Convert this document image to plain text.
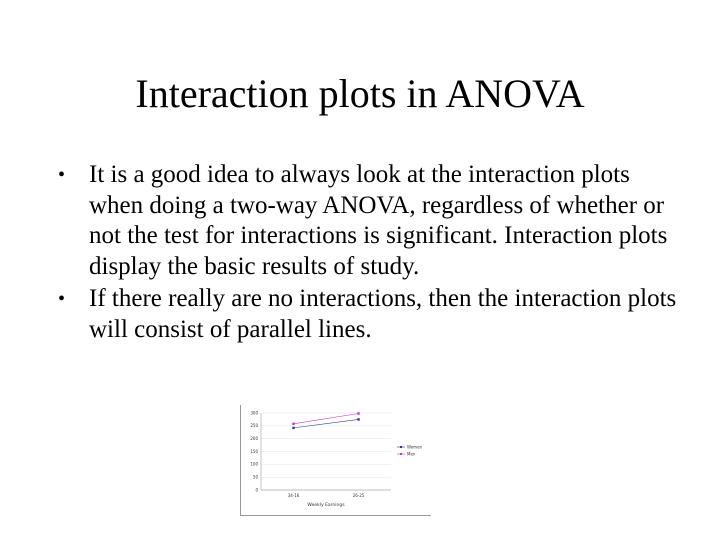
Interaction plots in ANOVA
• It is a good idea to always look at the interaction plots when doing a two-way ANOVA, regardless of whether or not the test for interactions is significant. Interaction plots display the basic results of study.
• If there really are no interactions, then the interaction plots will consist of parallel lines.
300
250
200
150
100
50
0
34-16	26-25
Weekly Earnings
Women
Men
